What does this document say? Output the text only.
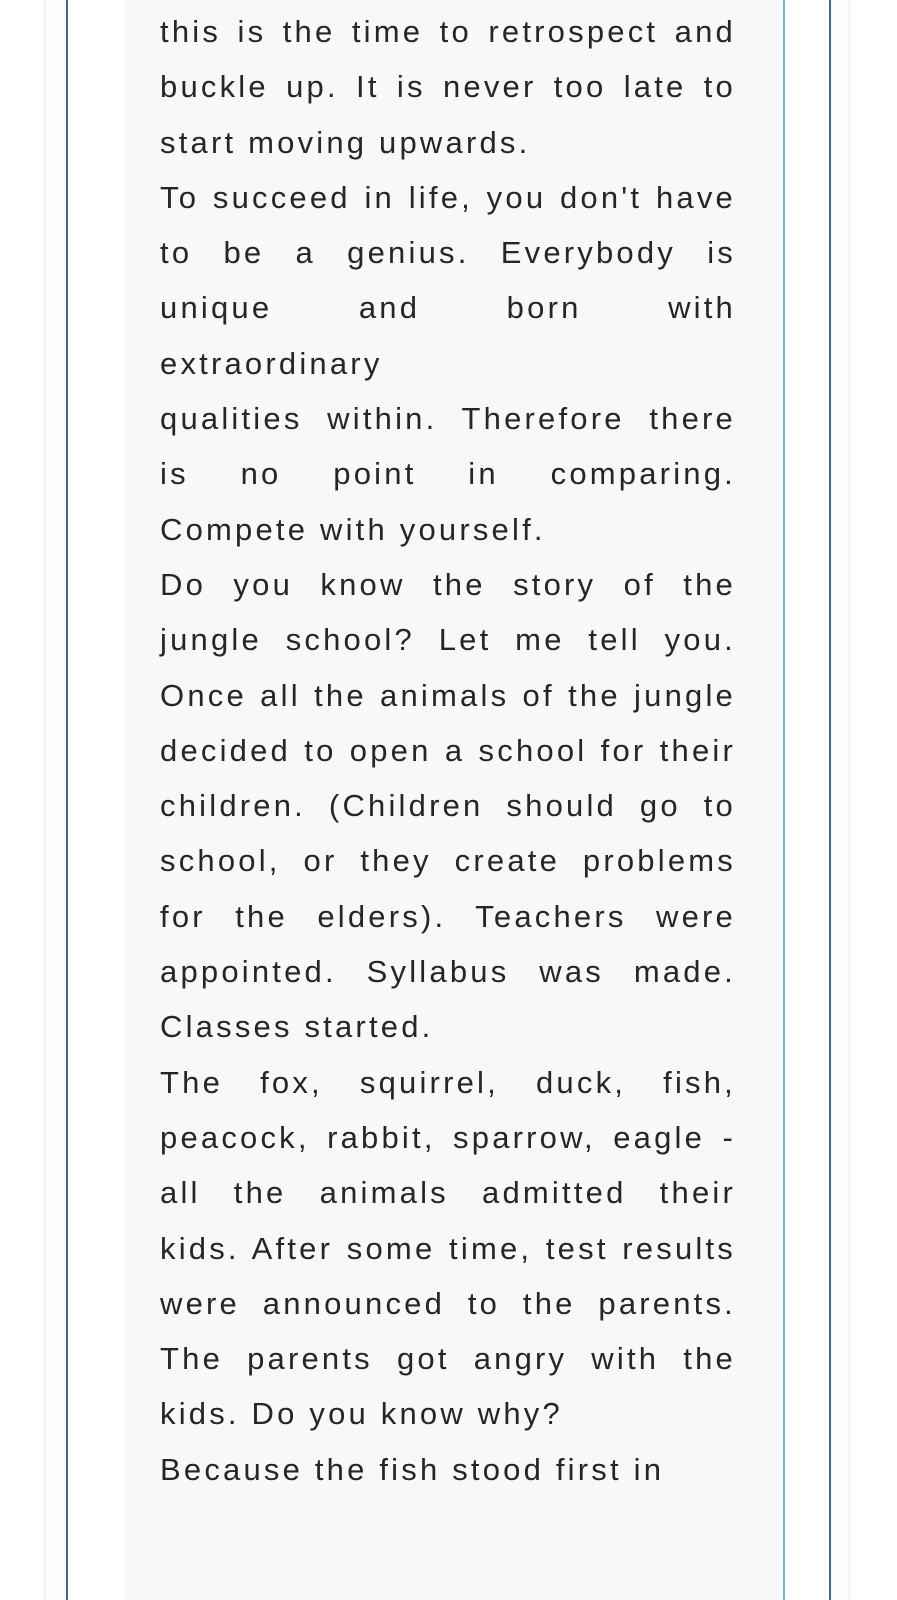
this is the time to retrospect and buckle up. It is never too late to start moving upwards.

To succeed in life, you don't have to be a genius. Everybody is unique and born with extraordinary

qualities within. Therefore there is no point in comparing. Compete with yourself.

Do you know the story of the jungle school? Let me tell you. Once all the animals of the jungle decided to open a school for their children. (Children should go to school, or they create problems for the elders). Teachers were appointed. Syllabus was made. Classes started.

The fox, squirrel, duck, fish, peacock, rabbit, sparrow, eagle - all the animals admitted their kids. After some time, test results were announced to the parents. The parents got angry with the kids. Do you know why?

Because the fish stood first in
